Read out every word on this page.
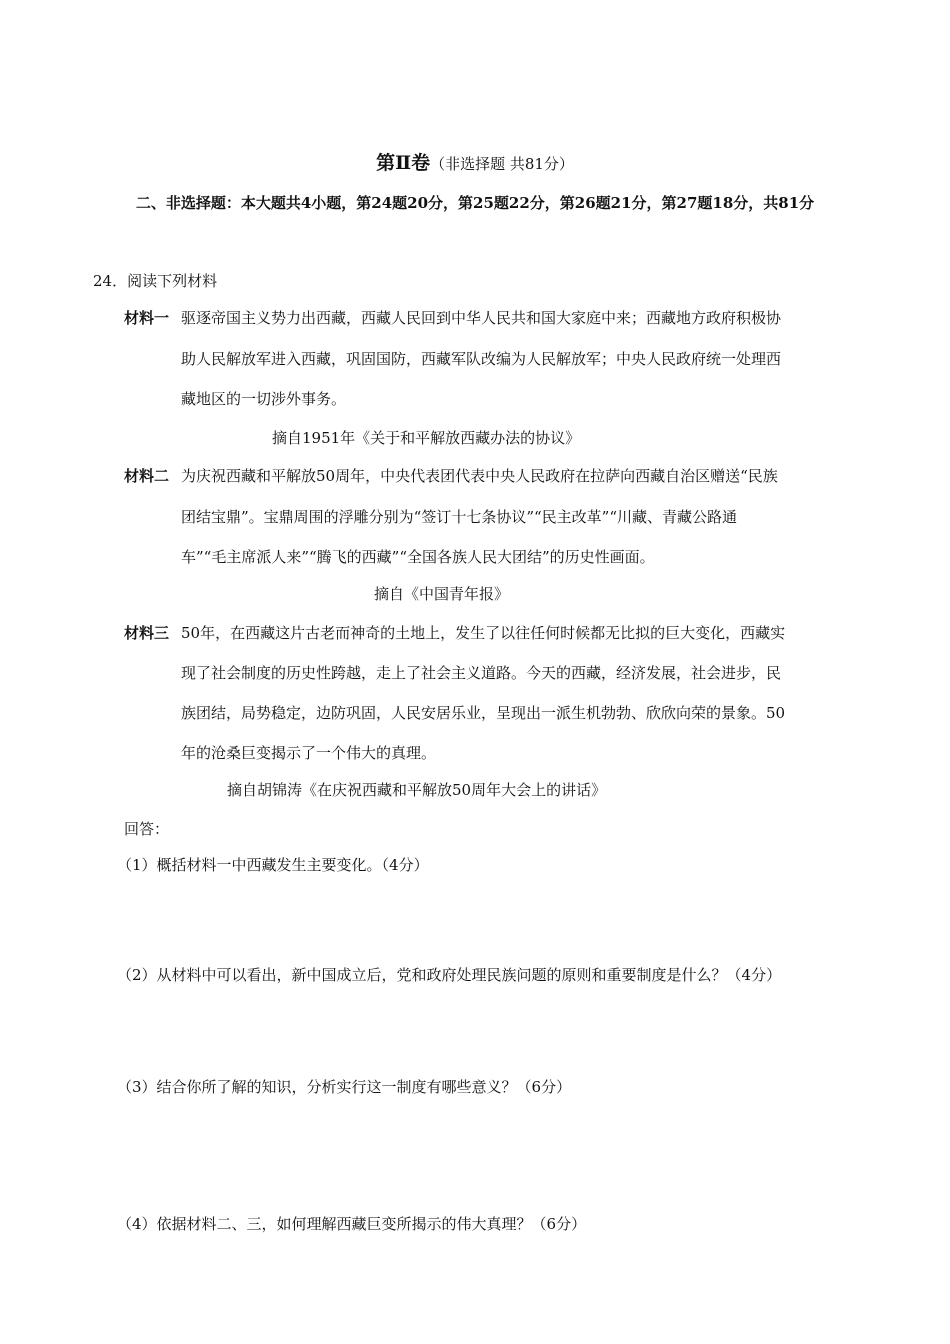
第Ⅱ卷（非选择题 共81分）
二、非选择题：本大题共4小题，第24题20分，第25题22分，第26题21分，第27题18分，共81分
24．阅读下列材料
材料一 驱逐帝国主义势力出西藏，西藏人民回到中华人民共和国大家庭中来；西藏地方政府积极协
助人民解放军进入西藏，巩固国防，西藏军队改编为人民解放军；中央人民政府统一处理西
藏地区的一切涉外事务。
摘自1951年《关于和平解放西藏办法的协议》
材料二 为庆祝西藏和平解放50周年，中央代表团代表中央人民政府在拉萨向西藏自治区赠送“民族
团结宝鼎”。宝鼎周围的浮雕分别为“签订十七条协议”“民主改革”“川藏、青藏公路通
车”“毛主席派人来”“腾飞的西藏”“全国各族人民大团结”的历史性画面。
摘自《中国青年报》
材料三 50年，在西藏这片古老而神奇的土地上，发生了以往任何时候都无比拟的巨大变化，西藏实
现了社会制度的历史性跨越，走上了社会主义道路。今天的西藏，经济发展，社会进步，民
族团结，局势稳定，边防巩固，人民安居乐业，呈现出一派生机勃勃、欣欣向荣的景象。50
年的沧桑巨变揭示了一个伟大的真理。
摘自胡锦涛《在庆祝西藏和平解放50周年大会上的讲话》
回答：
（1）概括材料一中西藏发生主要变化。（4分）
（2）从材料中可以看出，新中国成立后，党和政府处理民族问题的原则和重要制度是什么？（4分）
（3）结合你所了解的知识，分析实行这一制度有哪些意义？（6分）
（4）依据材料二、三，如何理解西藏巨变所揭示的伟大真理？（6分）
